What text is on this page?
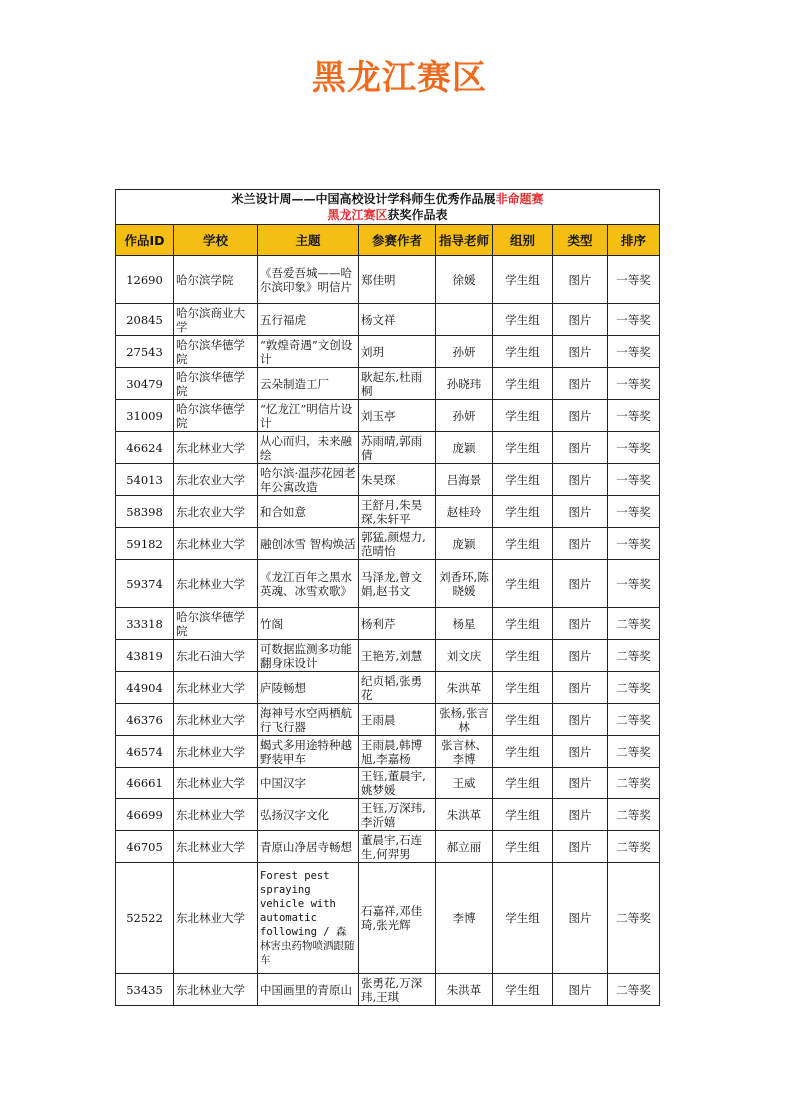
黑龙江赛区
米兰设计周——中国高校设计学科师生优秀作品展非命题赛
黑龙江赛区获奖作品表							
作品ID	学校	主题	参赛作者	指导老师	组别	类型	排序
12690	哈尔滨学院	《吾爱吾城——哈尔滨印象》明信片	郑佳明	徐媛	学生组	图片	一等奖
20845	哈尔滨商业大学	五行福虎	杨文祥		学生组	图片	一等奖
27543	哈尔滨华德学院	“敦煌奇遇”文创设计	刘玥	孙妍	学生组	图片	一等奖
30479	哈尔滨华德学院	云朵制造工厂	耿起东,杜雨桐	孙晓玮	学生组	图片	一等奖
31009	哈尔滨华德学院	“忆龙江”明信片设计	刘玉亭	孙妍	学生组	图片	一等奖
46624	东北林业大学	从心而归，未来融绘	苏雨晴,郭雨倩	庞颖	学生组	图片	一等奖
54013	东北农业大学	哈尔滨·温莎花园老年公寓改造	朱昊琛	吕海景	学生组	图片	一等奖
58398	东北农业大学	和合如意	王舒月,朱昊琛,朱轩平	赵桂玲	学生组	图片	一等奖
59182	东北林业大学	融创冰雪 智构焕活	郭猛,颜煜力,范晴怡	庞颖	学生组	图片	一等奖
59374	东北林业大学	《龙江百年之黑水英魂、冰雪欢歌》	马泽龙,曾文娟,赵书文	刘香环,陈晓媛	学生组	图片	一等奖
33318	哈尔滨华德学院	竹阁	杨利芹	杨星	学生组	图片	二等奖
43819	东北石油大学	可数据监测多功能翻身床设计	王艳芳,刘慧	刘文庆	学生组	图片	二等奖
44904	东北林业大学	庐陵畅想	纪贞韬,张勇花	朱洪革	学生组	图片	二等奖
46376	东北林业大学	海神号水空两栖航行飞行器	王雨晨	张杨,张言林	学生组	图片	二等奖
46574	东北林业大学	蝎式多用途特种越野装甲车	王雨晨,韩博旭,李嘉杨	张言林、李博	学生组	图片	二等奖
46661	东北林业大学	中国汉字	王钰,董晨宇,姚梦媛	王威	学生组	图片	二等奖
46699	东北林业大学	弘扬汉字文化	王钰,万深玮,李沂嬉	朱洪革	学生组	图片	二等奖
46705	东北林业大学	青原山净居寺畅想	董晨宇,石连生,何羿男	郝立丽	学生组	图片	二等奖
52522	东北林业大学	Forest pest spraying vehicle with automatic following / 森林害虫药物喷洒跟随车	石嘉祥,邓佳琦,张光辉	李博	学生组	图片	二等奖
53435	东北林业大学	中国画里的青原山	张勇花,万深玮,王琪	朱洪革	学生组	图片	二等奖
